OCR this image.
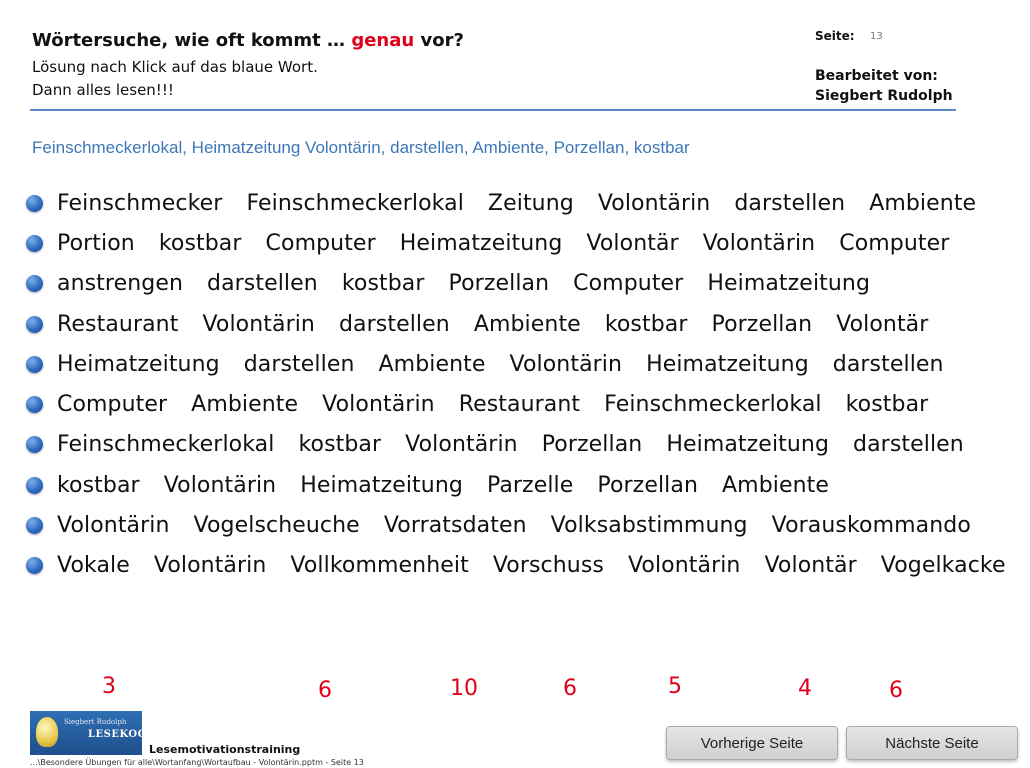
Wörtersuche, wie oft kommt … genau vor?
Lösung nach Klick auf das blaue Wort.
Dann alles lesen!!!
Seite: 13
Bearbeitet von:
Siegbert Rudolph
Feinschmeckerlokal, Heimatzeitung Volontärin, darstellen, Ambiente, Porzellan, kostbar
Feinschmecker Feinschmeckerlokal Zeitung Volontärin darstellen Ambiente
Portion kostbar Computer Heimatzeitung Volontär Volontärin Computer
anstrengen darstellen kostbar Porzellan Computer Heimatzeitung
Restaurant Volontärin darstellen Ambiente kostbar Porzellan Volontär
Heimatzeitung darstellen Ambiente Volontärin Heimatzeitung darstellen
Computer Ambiente Volontärin Restaurant Feinschmeckerlokal kostbar
Feinschmeckerlokal kostbar Volontärin Porzellan Heimatzeitung darstellen
kostbar Volontärin Heimatzeitung Parzelle Porzellan Ambiente
Volontärin Vogelscheuche Vorratsdaten Volksabstimmung Vorauskommando
Vokale Volontärin Vollkommenheit Vorschuss Volontärin Volontär Vogelkacke
3	6	10	6	5	4	6
Siegbert Rudolph
LESEKOCH
Lesemotivationstraining
...\Besondere Übungen für alle\Wortanfang\Wortaufbau - Volontärin.pptm - Seite 13
Vorherige Seite	Nächste Seite
